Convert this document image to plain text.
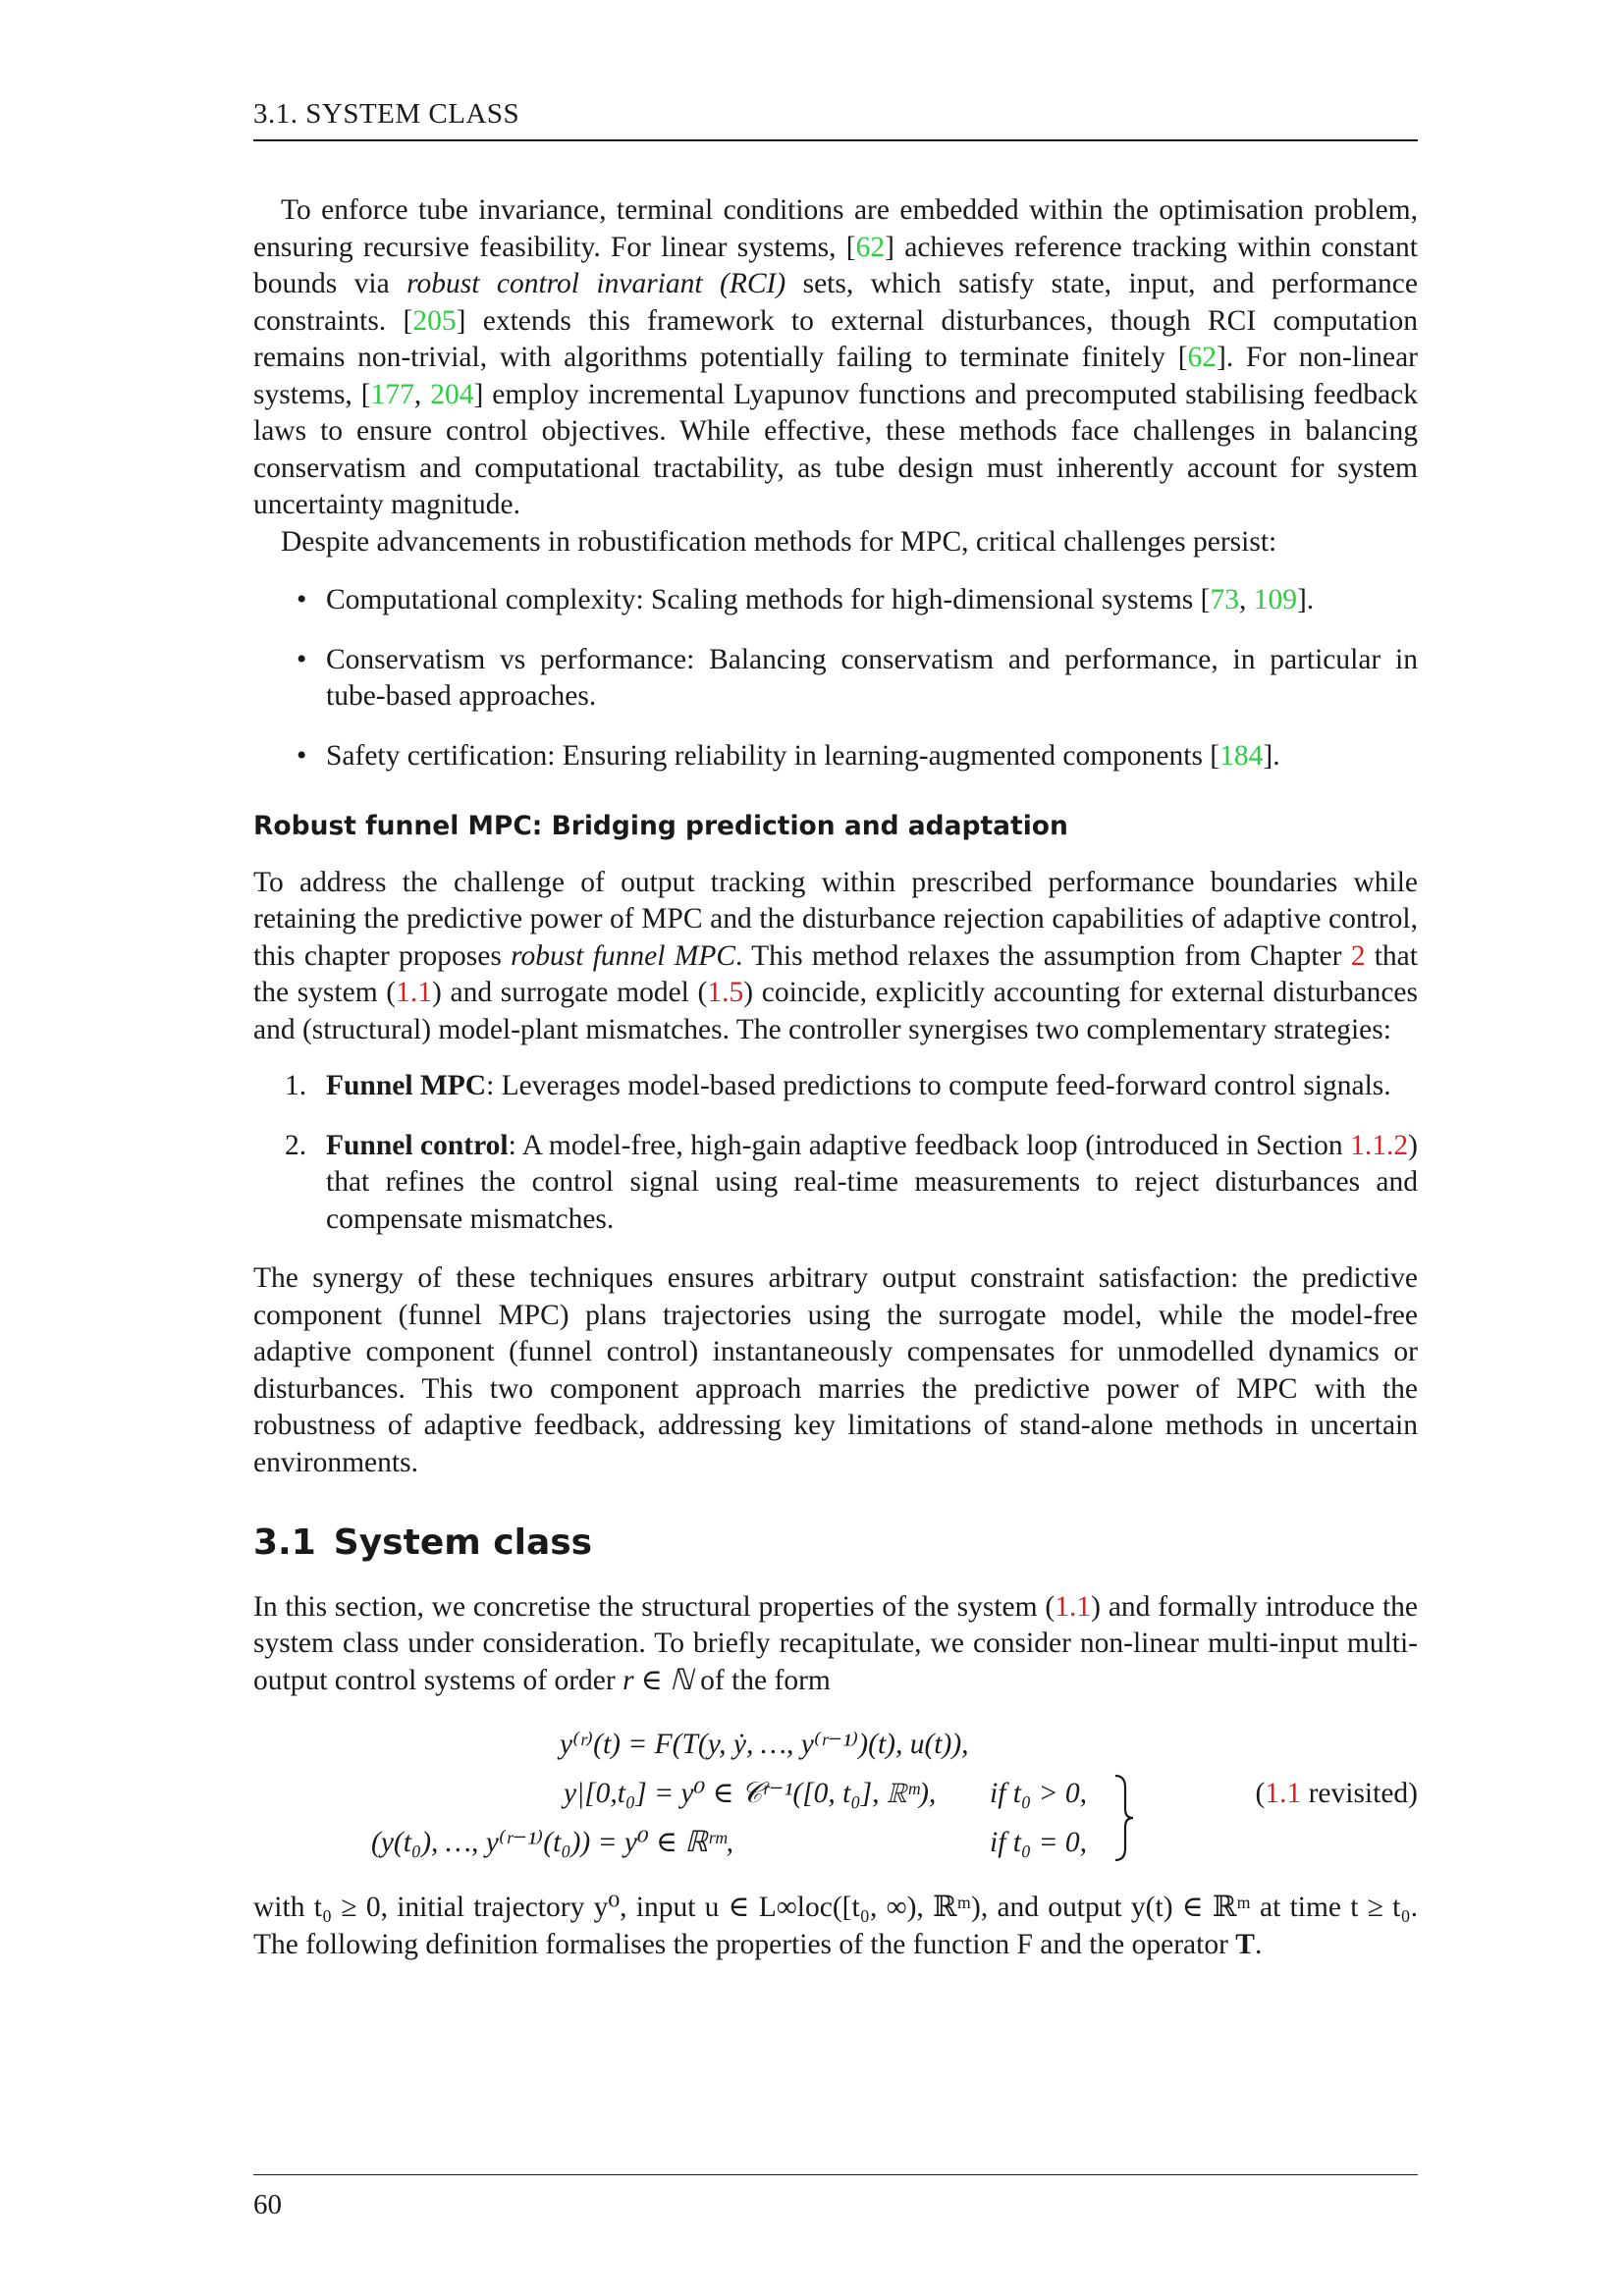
3.1. SYSTEM CLASS

To enforce tube invariance, terminal conditions are embedded within the optimisation problem, ensuring recursive feasibility. For linear systems, [62] achieves reference tracking within constant bounds via robust control invariant (RCI) sets, which satisfy state, input, and performance constraints. [205] extends this framework to external disturbances, though RCI computation remains non-trivial, with algorithms potentially failing to terminate finitely [62]. For non-linear systems, [177, 204] employ incremental Lyapunov functions and precomputed stabilising feedback laws to ensure control objectives. While effective, these methods face challenges in balancing conservatism and computational tractability, as tube design must inherently account for system uncertainty magnitude.

Despite advancements in robustification methods for MPC, critical challenges persist:

• Computational complexity: Scaling methods for high-dimensional systems [73, 109].
• Conservatism vs performance: Balancing conservatism and performance, in particular in tube-based approaches.
• Safety certification: Ensuring reliability in learning-augmented components [184].
Robust funnel MPC: Bridging prediction and adaptation

To address the challenge of output tracking within prescribed performance boundaries while retaining the predictive power of MPC and the disturbance rejection capabilities of adaptive control, this chapter proposes robust funnel MPC. This method relaxes the assumption from Chapter 2 that the system (1.1) and surrogate model (1.5) coincide, explicitly accounting for external disturbances and (structural) model-plant mismatches. The controller synergises two complementary strategies:

1. Funnel MPC: Leverages model-based predictions to compute feed-forward control signals.
2. Funnel control: A model-free, high-gain adaptive feedback loop (introduced in Section 1.1.2) that refines the control signal using real-time measurements to reject disturbances and compensate mismatches.

The synergy of these techniques ensures arbitrary output constraint satisfaction: the predictive component (funnel MPC) plans trajectories using the surrogate model, while the model-free adaptive component (funnel control) instantaneously compensates for unmodelled dynamics or disturbances. This two component approach marries the predictive power of MPC with the robustness of adaptive feedback, addressing key limitations of stand-alone methods in uncertain environments.

3.1 System class

In this section, we concretise the structural properties of the system (1.1) and formally introduce the system class under consideration. To briefly recapitulate, we consider non-linear multi-input multi-output control systems of order r ∈ ℕ of the form

y⁽ʳ⁾(t) = F(T(y, ẏ, …, y⁽ʳ⁻¹⁾)(t), u(t)),
y|[0,t₀] = y⁰ ∈ 𝒞ʳ⁻¹([0, t₀], ℝᵐ), if t₀ > 0,
(y(t₀), …, y⁽ʳ⁻¹⁾(t₀)) = y⁰ ∈ ℝʳᵐ,	if t₀ = 0,
(1.1 revisited)

with t₀ ≥ 0, initial trajectory y⁰, input u ∈ L∞loc([t₀, ∞), ℝᵐ), and output y(t) ∈ ℝᵐ at time t ≥ t₀. The following definition formalises the properties of the function F and the operator T.

60
